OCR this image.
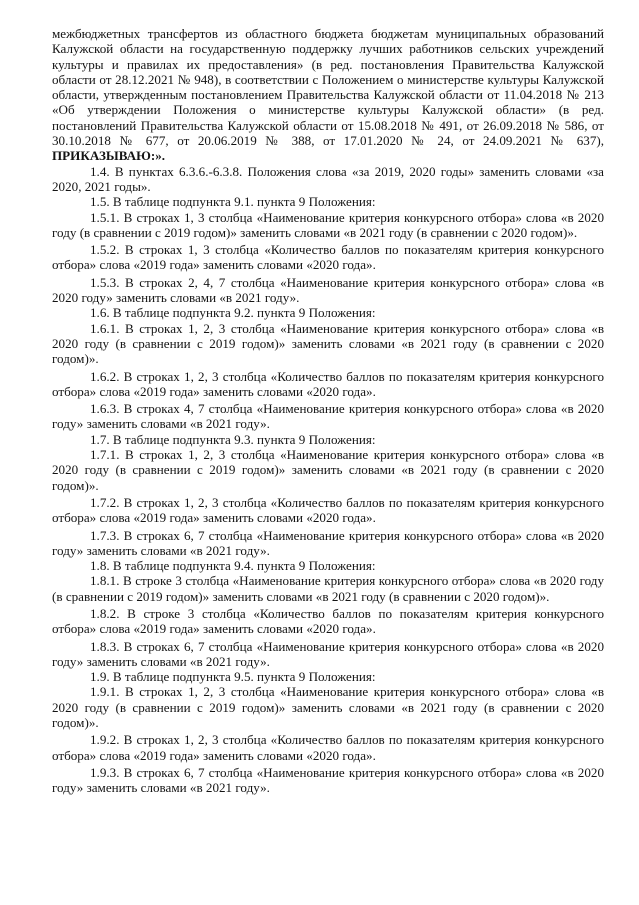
межбюджетных трансфертов из областного бюджета бюджетам муниципальных образований Калужской области на государственную поддержку лучших работников сельских учреждений культуры и правилах их предоставления» (в ред. постановления Правительства Калужской области от 28.12.2021 № 948), в соответствии с Положением о министерстве культуры Калужской области, утвержденным постановлением Правительства Калужской области от 11.04.2018 № 213 «Об утверждении Положения о министерстве культуры Калужской области» (в ред. постановлений Правительства Калужской области от 15.08.2018 № 491, от 26.09.2018 № 586, от 30.10.2018 № 677, от 20.06.2019 № 388, от 17.01.2020 № 24, от 24.09.2021 № 637), ПРИКАЗЫВАЮ:».

1.4. В пунктах 6.3.6.-6.3.8. Положения слова «за 2019, 2020 годы» заменить словами «за 2020, 2021 годы».

1.5. В таблице подпункта 9.1. пункта 9 Положения:

1.5.1. В строках 1, 3 столбца «Наименование критерия конкурсного отбора» слова «в 2020 году (в сравнении с 2019 годом)» заменить словами «в 2021 году (в сравнении с 2020 годом)».

1.5.2. В строках 1, 3 столбца «Количество баллов по показателям критерия конкурсного отбора» слова «2019 года» заменить словами «2020 года».

1.5.3. В строках 2, 4, 7 столбца «Наименование критерия конкурсного отбора» слова «в 2020 году» заменить словами «в 2021 году».

1.6. В таблице подпункта 9.2. пункта 9 Положения:

1.6.1. В строках 1, 2, 3 столбца «Наименование критерия конкурсного отбора» слова «в 2020 году (в сравнении с 2019 годом)» заменить словами «в 2021 году (в сравнении с 2020 годом)».

1.6.2. В строках 1, 2, 3 столбца «Количество баллов по показателям критерия конкурсного отбора» слова «2019 года» заменить словами «2020 года».

1.6.3. В строках 4, 7 столбца «Наименование критерия конкурсного отбора» слова «в 2020 году» заменить словами «в 2021 году».

1.7. В таблице подпункта 9.3. пункта 9 Положения:

1.7.1. В строках 1, 2, 3 столбца «Наименование критерия конкурсного отбора» слова «в 2020 году (в сравнении с 2019 годом)» заменить словами «в 2021 году (в сравнении с 2020 годом)».

1.7.2. В строках 1, 2, 3 столбца «Количество баллов по показателям критерия конкурсного отбора» слова «2019 года» заменить словами «2020 года».

1.7.3. В строках 6, 7 столбца «Наименование критерия конкурсного отбора» слова «в 2020 году» заменить словами «в 2021 году».

1.8. В таблице подпункта 9.4. пункта 9 Положения:

1.8.1. В строке 3 столбца «Наименование критерия конкурсного отбора» слова «в 2020 году (в сравнении с 2019 годом)» заменить словами «в 2021 году (в сравнении с 2020 годом)».

1.8.2. В строке 3 столбца «Количество баллов по показателям критерия конкурсного отбора» слова «2019 года» заменить словами «2020 года».

1.8.3. В строках 6, 7 столбца «Наименование критерия конкурсного отбора» слова «в 2020 году» заменить словами «в 2021 году».

1.9. В таблице подпункта 9.5. пункта 9 Положения:

1.9.1. В строках 1, 2, 3 столбца «Наименование критерия конкурсного отбора» слова «в 2020 году (в сравнении с 2019 годом)» заменить словами «в 2021 году (в сравнении с 2020 годом)».

1.9.2. В строках 1, 2, 3 столбца «Количество баллов по показателям критерия конкурсного отбора» слова «2019 года» заменить словами «2020 года».

1.9.3. В строках 6, 7 столбца «Наименование критерия конкурсного отбора» слова «в 2020 году» заменить словами «в 2021 году».
